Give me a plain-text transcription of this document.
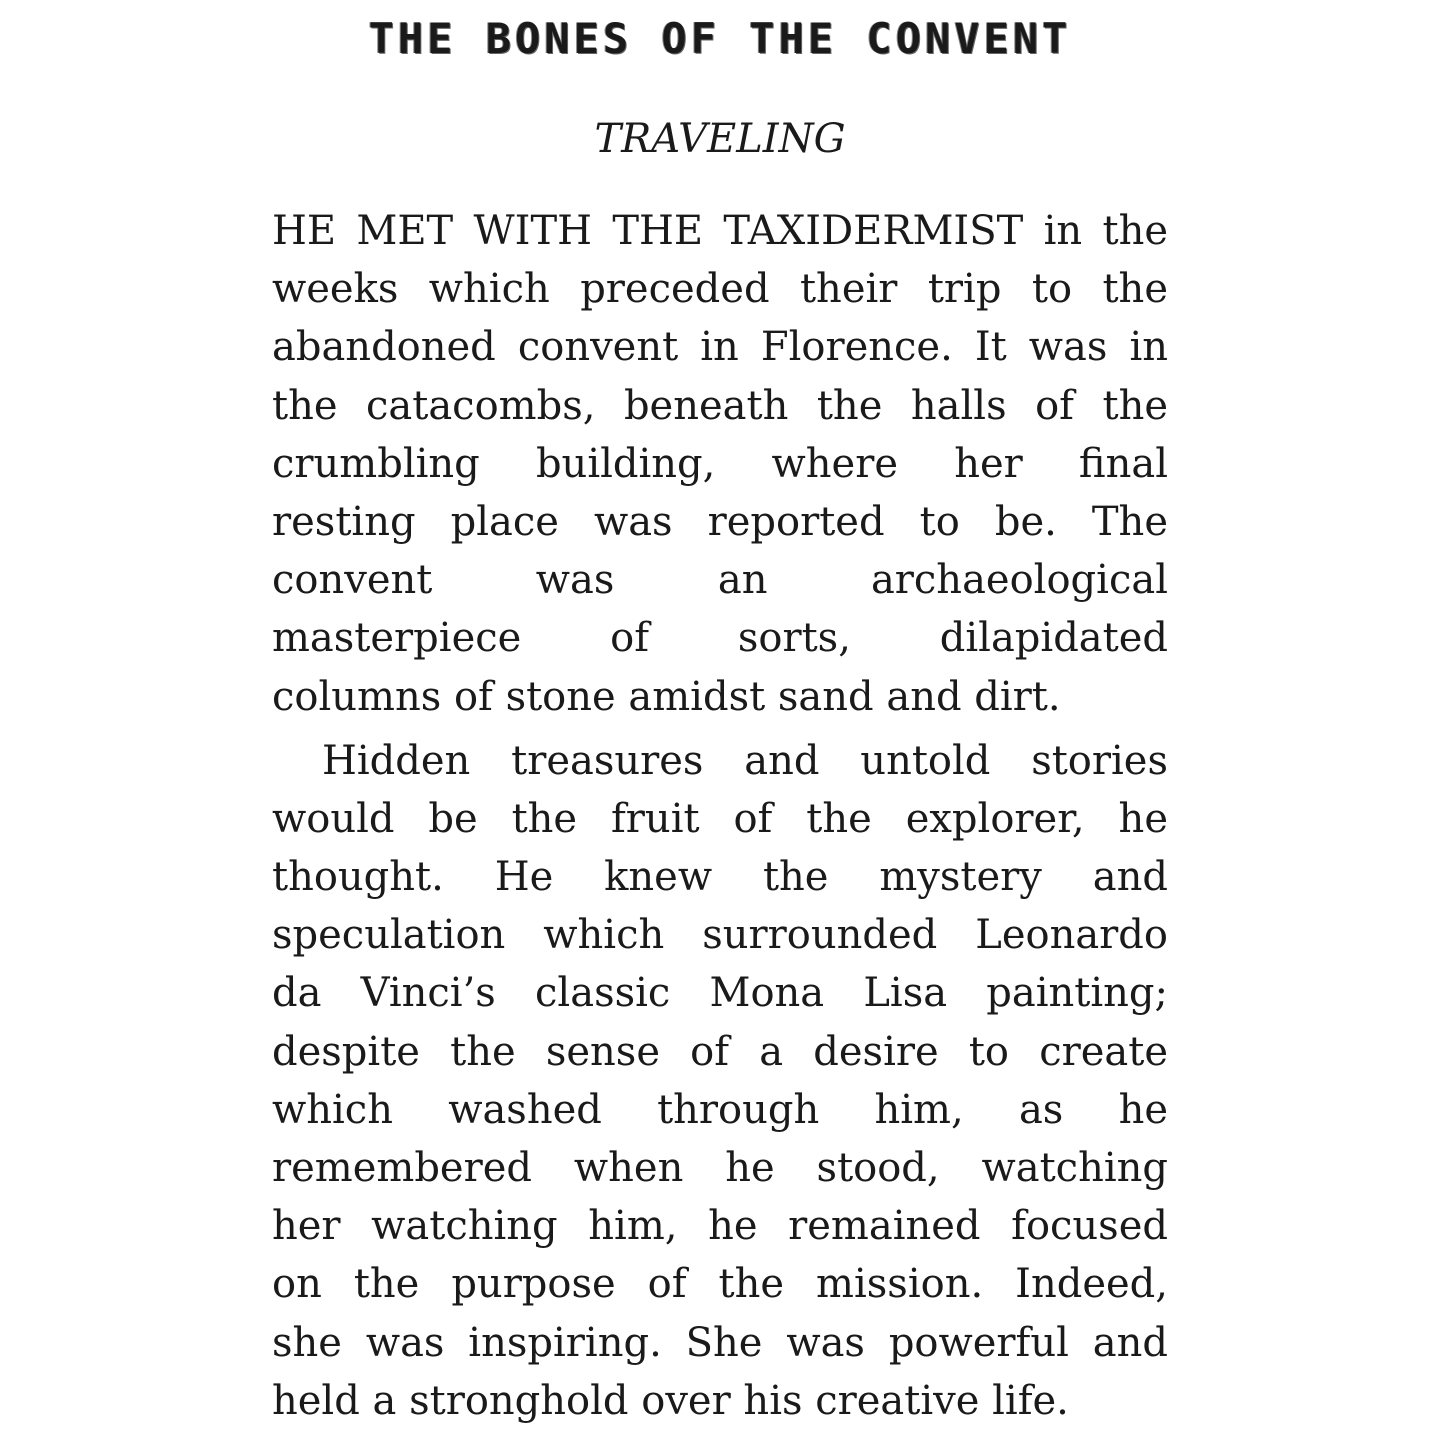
THE BONES OF THE CONVENT
TRAVELING
HE MET WITH THE TAXIDERMIST in the
weeks which preceded their trip to the
abandoned convent in Florence. It was in
the catacombs, beneath the halls of the
crumbling building, where her final
resting place was reported to be. The
convent was an archaeological
masterpiece of sorts, dilapidated
columns of stone amidst sand and dirt.
Hidden treasures and untold stories
would be the fruit of the explorer, he
thought. He knew the mystery and
speculation which surrounded Leonardo
da Vinci’s classic Mona Lisa painting;
despite the sense of a desire to create
which washed through him, as he
remembered when he stood, watching
her watching him, he remained focused
on the purpose of the mission. Indeed,
she was inspiring. She was powerful and
held a stronghold over his creative life.
